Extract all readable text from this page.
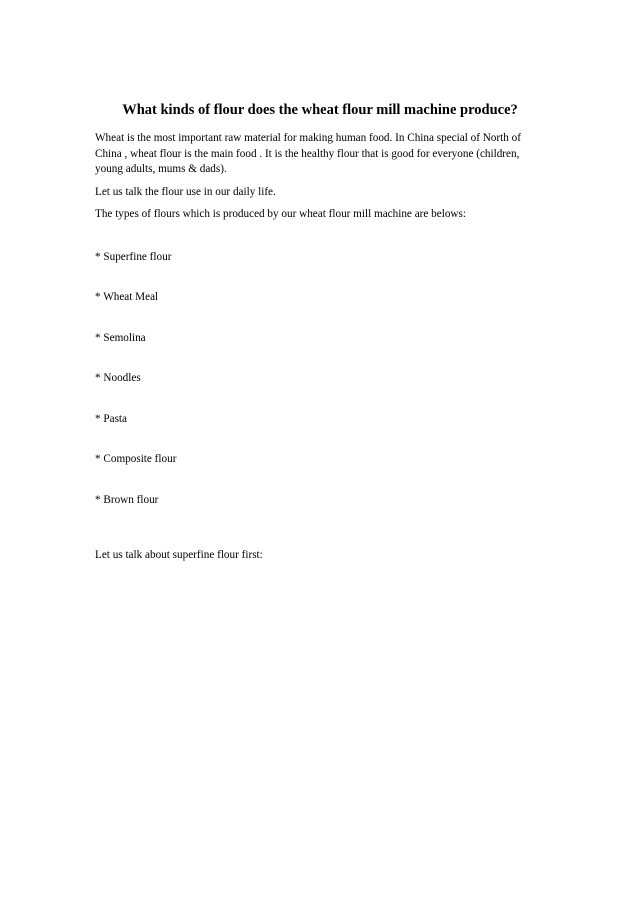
What kinds of flour does the wheat flour mill machine produce?

Wheat is the most important raw material for making human food. In China special of North of China , wheat flour is the main food . It is the healthy flour that is good for everyone (children, young adults, mums & dads).

Let us talk the flour use in our daily life.

The types of flours which is produced by our wheat flour mill machine are belows:

* Superfine flour
* Wheat Meal
* Semolina
* Noodles
* Pasta
* Composite flour
* Brown flour

Let us talk about superfine flour first:
